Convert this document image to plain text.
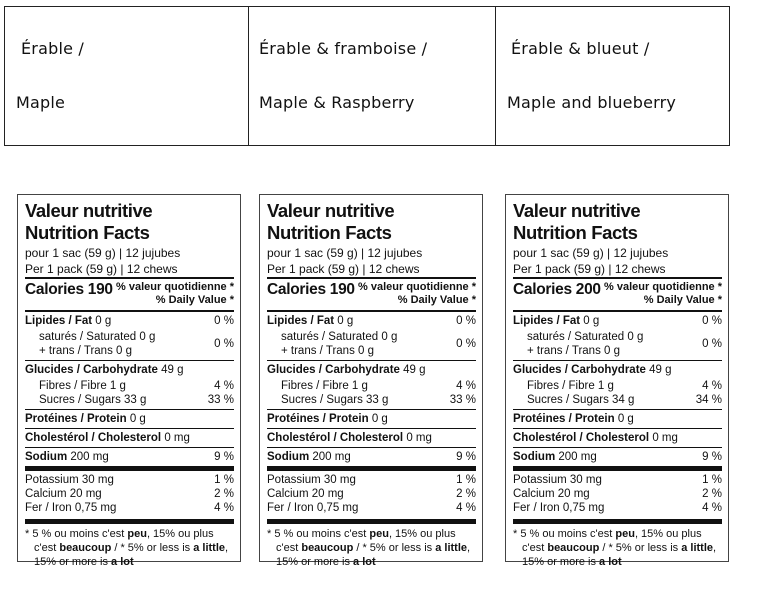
Érable /
Maple

Érable & framboise /
Maple & Raspberry

Érable & blueut /
Maple and blueberry
Valeur nutritive
Nutrition Facts
pour 1 sac (59 g) | 12 jujubes
Per 1 pack (59 g) | 12 chews
Calories 190 % valeur quotidienne *
% Daily Value *
Lipides / Fat 0 g	0 %
saturés / Saturated 0 g
+ trans / Trans 0 g
0 %
Glucides / Carbohydrate 49 g
Fibres / Fibre 1 g	4 %
Sucres / Sugars 33 g	33 %
Protéines / Protein 0 g
Cholestérol / Cholesterol 0 mg
Sodium 200 mg	9 %
Potassium 30 mg	1 %
Calcium 20 mg	2 %
Fer / Iron 0,75 mg	4 %
* 5 % ou moins c'est peu, 15% ou plus
c'est beaucoup / * 5% or less is a little,
15% or more is a lot
Valeur nutritive
Nutrition Facts
pour 1 sac (59 g) | 12 jujubes
Per 1 pack (59 g) | 12 chews
Calories 190 % valeur quotidienne *
% Daily Value *
Lipides / Fat 0 g	0 %
saturés / Saturated 0 g
+ trans / Trans 0 g
0 %
Glucides / Carbohydrate 49 g
Fibres / Fibre 1 g	4 %
Sucres / Sugars 33 g	33 %
Protéines / Protein 0 g
Cholestérol / Cholesterol 0 mg
Sodium 200 mg	9 %
Potassium 30 mg	1 %
Calcium 20 mg	2 %
Fer / Iron 0,75 mg	4 %
* 5 % ou moins c'est peu, 15% ou plus
c'est beaucoup / * 5% or less is a little,
15% or more is a lot
Valeur nutritive
Nutrition Facts
pour 1 sac (59 g) | 12 jujubes
Per 1 pack (59 g) | 12 chews
Calories 200 % valeur quotidienne *
% Daily Value *
Lipides / Fat 0 g	0 %
saturés / Saturated 0 g
+ trans / Trans 0 g
0 %
Glucides / Carbohydrate 49 g
Fibres / Fibre 1 g	4 %
Sucres / Sugars 34 g	34 %
Protéines / Protein 0 g
Cholestérol / Cholesterol 0 mg
Sodium 200 mg	9 %
Potassium 30 mg	1 %
Calcium 20 mg	2 %
Fer / Iron 0,75 mg	4 %
* 5 % ou moins c'est peu, 15% ou plus
c'est beaucoup / * 5% or less is a little,
15% or more is a lot
